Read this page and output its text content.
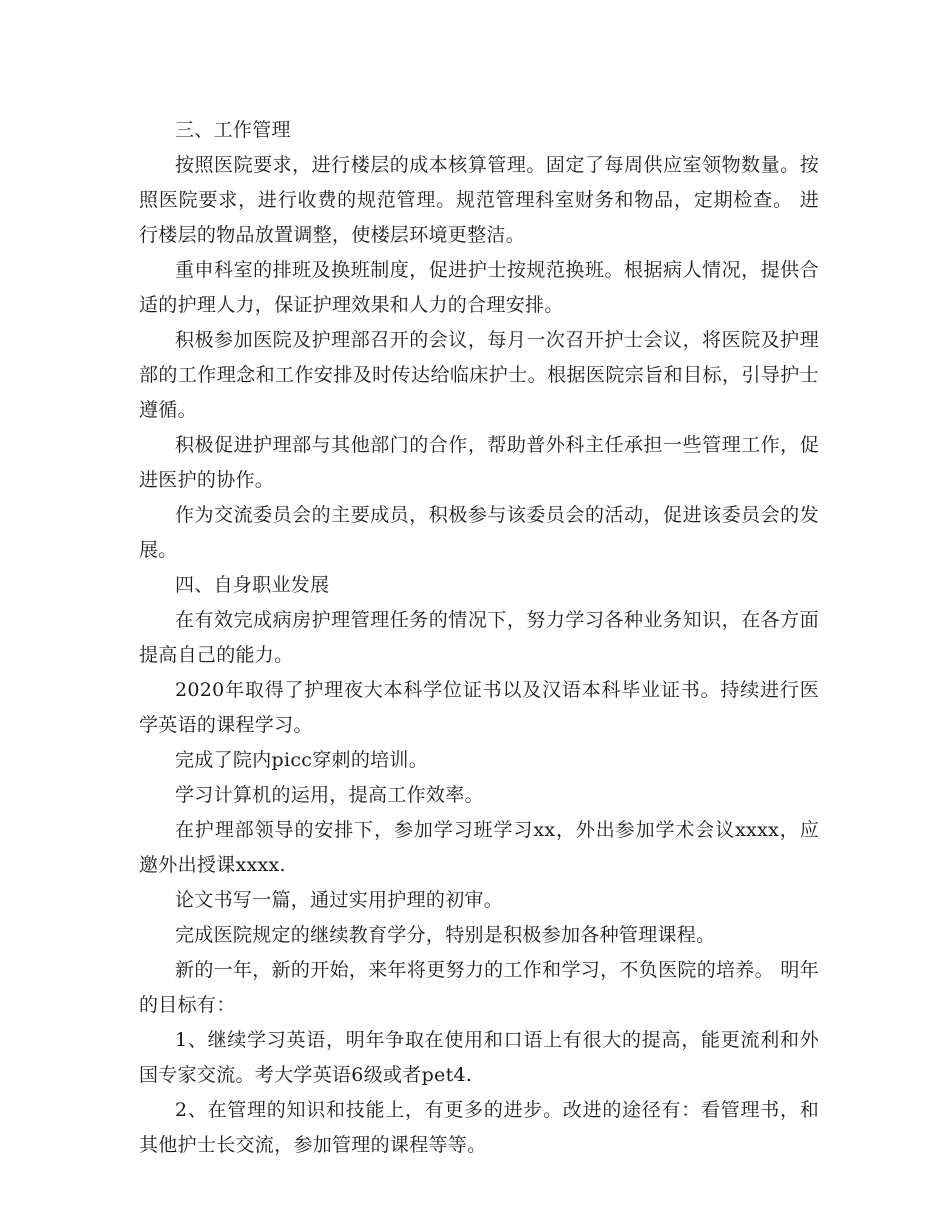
三、工作管理

按照医院要求，进行楼层的成本核算管理。固定了每周供应室领物数量。按照医院要求，进行收费的规范管理。规范管理科室财务和物品，定期检查。 进行楼层的物品放置调整，使楼层环境更整洁。

重申科室的排班及换班制度，促进护士按规范换班。根据病人情况，提供合适的护理人力，保证护理效果和人力的合理安排。

积极参加医院及护理部召开的会议，每月一次召开护士会议，将医院及护理部的工作理念和工作安排及时传达给临床护士。根据医院宗旨和目标，引导护士遵循。

积极促进护理部与其他部门的合作，帮助普外科主任承担一些管理工作，促进医护的协作。

作为交流委员会的主要成员，积极参与该委员会的活动，促进该委员会的发展。

四、自身职业发展

在有效完成病房护理管理任务的情况下，努力学习各种业务知识，在各方面提高自己的能力。

2020年取得了护理夜大本科学位证书以及汉语本科毕业证书。持续进行医学英语的课程学习。

完成了院内picc穿刺的培训。

学习计算机的运用，提高工作效率。

在护理部领导的安排下，参加学习班学习xx，外出参加学术会议xxxx，应邀外出授课xxxx.

论文书写一篇，通过实用护理的初审。

完成医院规定的继续教育学分，特别是积极参加各种管理课程。

新的一年，新的开始，来年将更努力的工作和学习，不负医院的培养。 明年的目标有：

1、继续学习英语，明年争取在使用和口语上有很大的提高，能更流利和外国专家交流。考大学英语6级或者pet4.

2、在管理的知识和技能上，有更多的进步。改进的途径有：看管理书，和其他护士长交流，参加管理的课程等等。
